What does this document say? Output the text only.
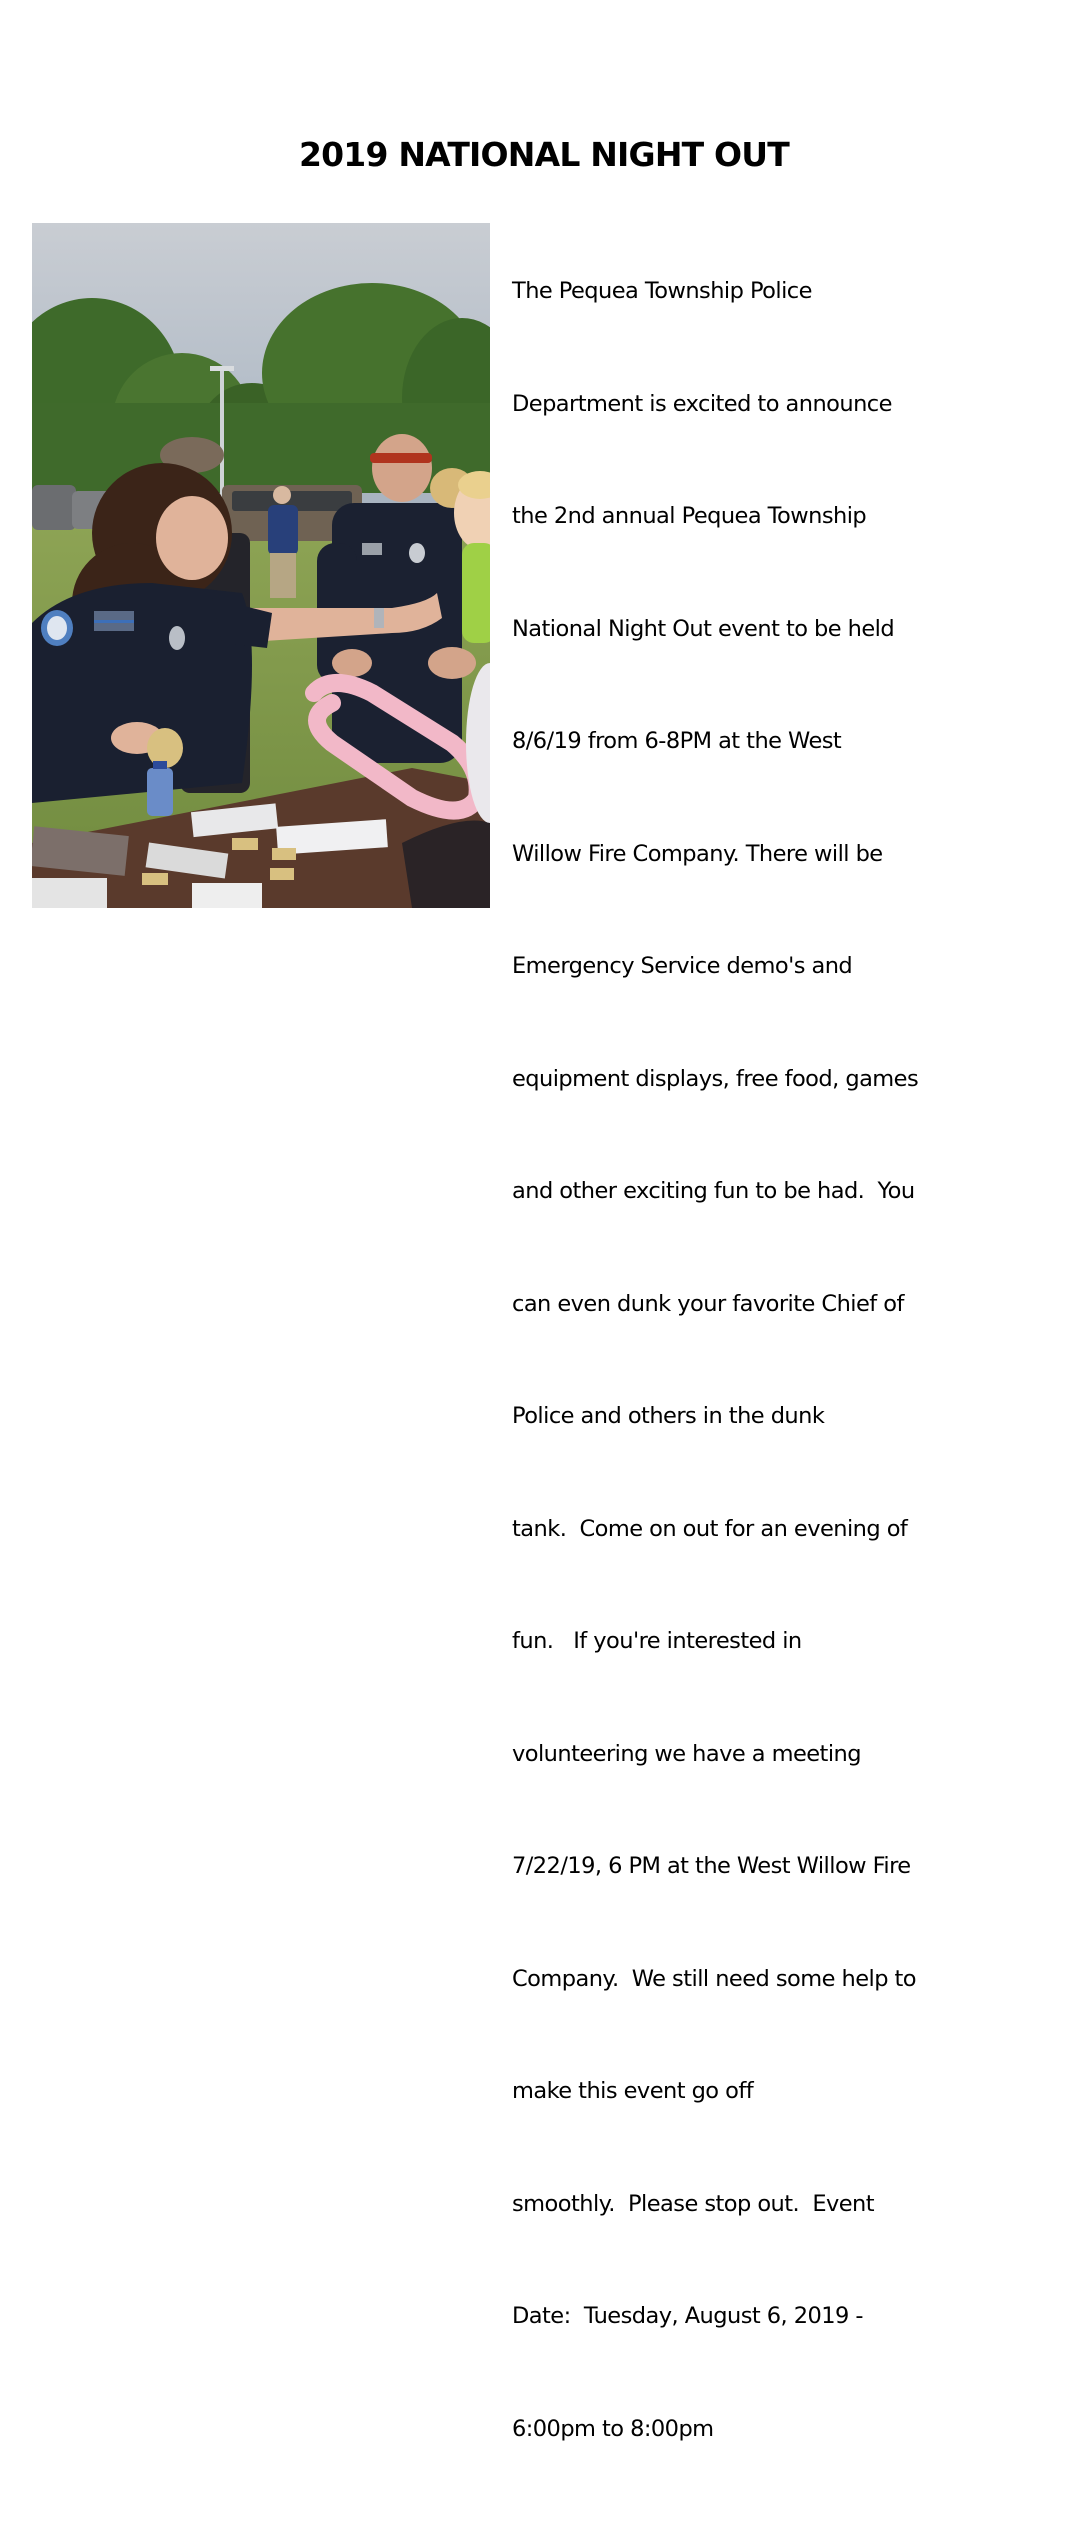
2019 NATIONAL NIGHT OUT

The Pequea Township Police

Department is excited to announce

the 2nd annual Pequea Township

National Night Out event to be held

8/6/19 from 6-8PM at the West

Willow Fire Company. There will be

Emergency Service demo's and

equipment displays, free food, games

and other exciting fun to be had.  You

can even dunk your favorite Chief of

Police and others in the dunk

tank.  Come on out for an evening of

fun.   If you're interested in

volunteering we have a meeting

7/22/19, 6 PM at the West Willow Fire

Company.  We still need some help to

make this event go off

smoothly.  Please stop out.  Event

Date:  Tuesday, August 6, 2019 -

6:00pm to 8:00pm
